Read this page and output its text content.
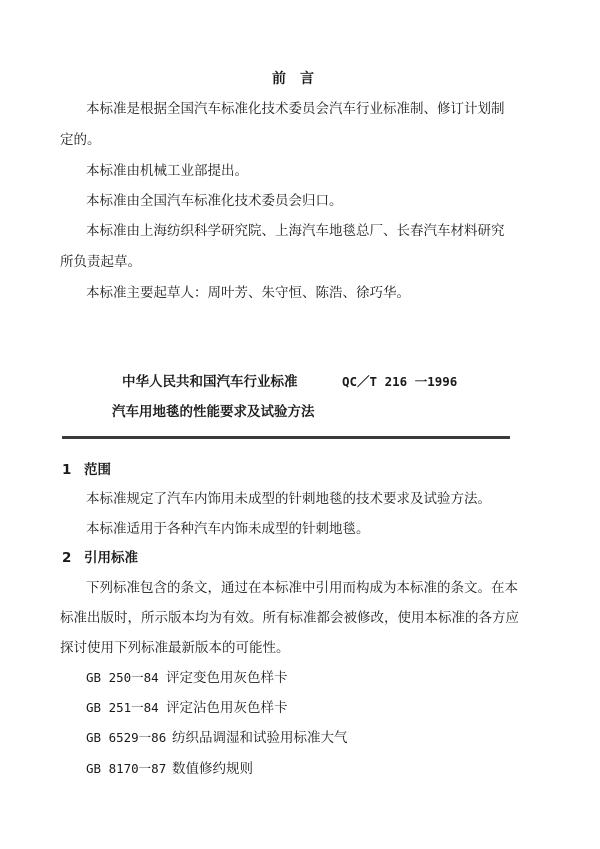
前　言
本标准是根据全国汽车标准化技术委员会汽车行业标准制、修订计划制
定的。
本标准由机械工业部提出。
本标准由全国汽车标准化技术委员会归口。
本标准由上海纺织科学研究院、上海汽车地毯总厂、长春汽车材料研究
所负责起草。
本标准主要起草人：周叶芳、朱守恒、陈浩、徐巧华。
中华人民共和国汽车行业标准	QC／T 216 一1996
汽车用地毯的性能要求及试验方法
1 范围
本标准规定了汽车内饰用未成型的针刺地毯的技术要求及试验方法。
本标准适用于各种汽车内饰未成型的针刺地毯。
2 引用标准
下列标准包含的条文，通过在本标准中引用而构成为本标准的条文。在本
标准出版时，所示版本均为有效。所有标准都会被修改，使用本标准的各方应
探讨使用下列标准最新版本的可能性。
GB 250一84 评定变色用灰色样卡
GB 251一84 评定沾色用灰色样卡
GB 6529一86 纺织品调湿和试验用标准大气
GB 8170一87 数值修约规则
